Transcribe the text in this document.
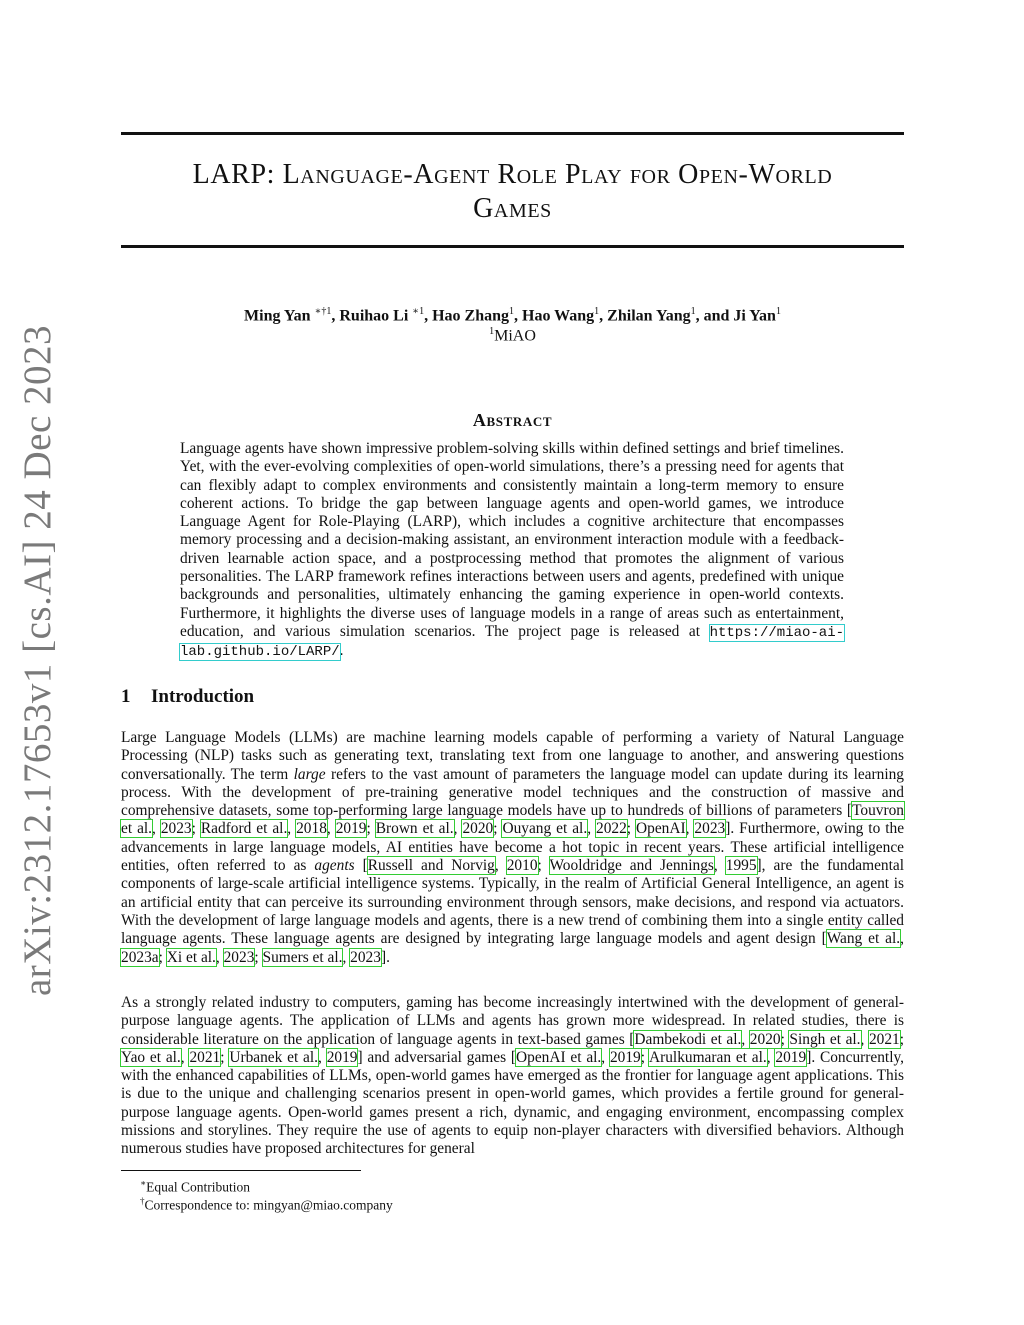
arXiv:2312.17653v1 [cs.AI] 24 Dec 2023
LARP: Language-Agent Role Play for Open-World
Games
Ming Yan $^{∗\dagger 1}$, Ruihao Li $^{∗1}$, Hao Zhang$^1$, Hao Wang$^1$, Zhilan Yang$^1$, and Ji Yan$^1$
$^1$MiAO
Abstract

Language agents have shown impressive problem-solving skills within defined settings and brief timelines. Yet, with the ever-evolving complexities of open-world simulations, there’s a pressing need for agents that can flexibly adapt to complex environments and consistently maintain a long-term memory to ensure coherent actions. To bridge the gap between language agents and open-world games, we introduce Language Agent for Role-Playing (LARP), which includes a cognitive architecture that encompasses memory processing and a decision-making assistant, an environment interaction module with a feedback-driven learnable action space, and a postprocessing method that promotes the alignment of various personalities. The LARP framework refines interactions between users and agents, predefined with unique backgrounds and personalities, ultimately enhancing the gaming experience in open-world contexts. Furthermore, it highlights the diverse uses of language models in a range of areas such as entertainment, education, and various simulation scenarios. The project page is released at https://miao-ai-lab.github.io/LARP/.

1 Introduction

Large Language Models (LLMs) are machine learning models capable of performing a variety of Natural Language Processing (NLP) tasks such as generating text, translating text from one language to another, and answering questions conversationally. The term large refers to the vast amount of parameters the language model can update during its learning process. With the development of pre-training generative model techniques and the construction of massive and comprehensive datasets, some top-performing large language models have up to hundreds of billions of parameters [Touvron et al., 2023; Radford et al., 2018, 2019; Brown et al., 2020; Ouyang et al., 2022; OpenAI, 2023]. Furthermore, owing to the advancements in large language models, AI entities have become a hot topic in recent years. These artificial intelligence entities, often referred to as agents [Russell and Norvig, 2010; Wooldridge and Jennings, 1995], are the fundamental components of large-scale artificial intelligence systems. Typically, in the realm of Artificial General Intelligence, an agent is an artificial entity that can perceive its surrounding environment through sensors, make decisions, and respond via actuators. With the development of large language models and agents, there is a new trend of combining them into a single entity called language agents. These language agents are designed by integrating large language models and agent design [Wang et al., 2023a; Xi et al., 2023; Sumers et al., 2023].

As a strongly related industry to computers, gaming has become increasingly intertwined with the development of general-purpose language agents. The application of LLMs and agents has grown more widespread. In related studies, there is considerable literature on the application of language agents in text-based games [Dambekodi et al., 2020; Singh et al., 2021; Yao et al., 2021; Urbanek et al., 2019] and adversarial games [OpenAI et al., 2019; Arulkumaran et al., 2019]. Concurrently, with the enhanced capabilities of LLMs, open-world games have emerged as the frontier for language agent applications. This is due to the unique and challenging scenarios present in open-world games, which provides a fertile ground for general-purpose language agents. Open-world games present a rich, dynamic, and engaging environment, encompassing complex missions and storylines. They require the use of agents to equip non-player characters with diversified behaviors. Although numerous studies have proposed architectures for general

∗Equal Contribution

†Correspondence to: mingyan@miao.company
